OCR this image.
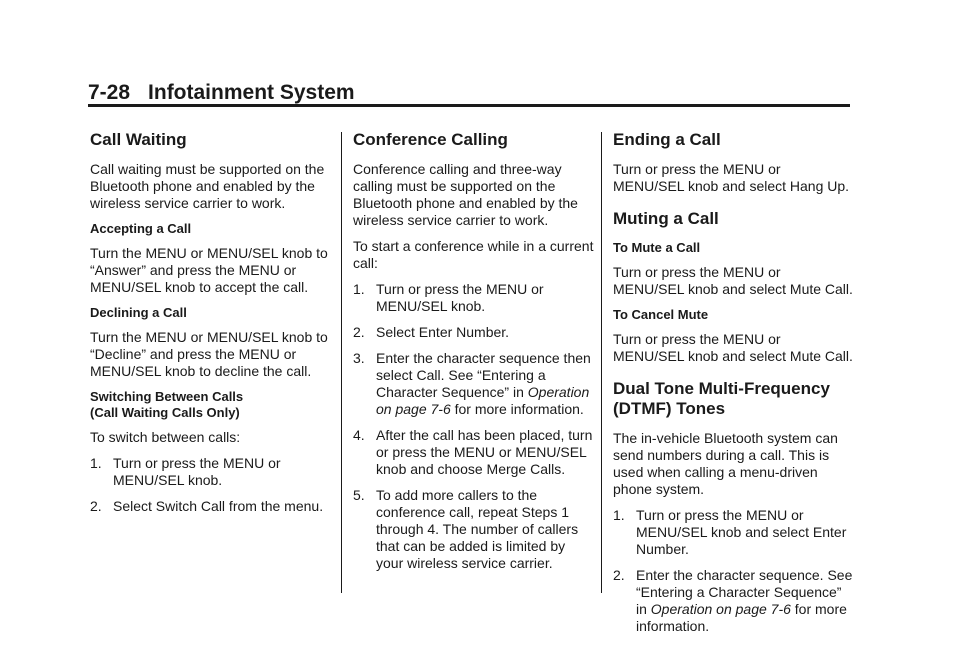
7-28 Infotainment System
Call Waiting

Call waiting must be supported on the Bluetooth phone and enabled by the wireless service carrier to work.

Accepting a Call

Turn the MENU or MENU/SEL knob to “Answer” and press the MENU or MENU/SEL knob to accept the call.

Declining a Call

Turn the MENU or MENU/SEL knob to “Decline” and press the MENU or MENU/SEL knob to decline the call.

Switching Between Calls
(Call Waiting Calls Only)

To switch between calls:

1. Turn or press the MENU or MENU/SEL knob.
2. Select Switch Call from the menu.
Conference Calling

Conference calling and three-way calling must be supported on the Bluetooth phone and enabled by the wireless service carrier to work.

To start a conference while in a current call:

1. Turn or press the MENU or MENU/SEL knob.
2. Select Enter Number.
3. Enter the character sequence then select Call. See “Entering a Character Sequence” in Operation on page 7-6 for more information.
4. After the call has been placed, turn or press the MENU or MENU/SEL knob and choose Merge Calls.
5. To add more callers to the conference call, repeat Steps 1 through 4. The number of callers that can be added is limited by your wireless service carrier.
Ending a Call

Turn or press the MENU or MENU/SEL knob and select Hang Up.

Muting a Call
To Mute a Call

Turn or press the MENU or MENU/SEL knob and select Mute Call.

To Cancel Mute

Turn or press the MENU or MENU/SEL knob and select Mute Call.

Dual Tone Multi-Frequency
(DTMF) Tones

The in-vehicle Bluetooth system can send numbers during a call. This is used when calling a menu-driven phone system.

1. Turn or press the MENU or MENU/SEL knob and select Enter Number.
2. Enter the character sequence. See “Entering a Character Sequence” in Operation on page 7-6 for more information.
